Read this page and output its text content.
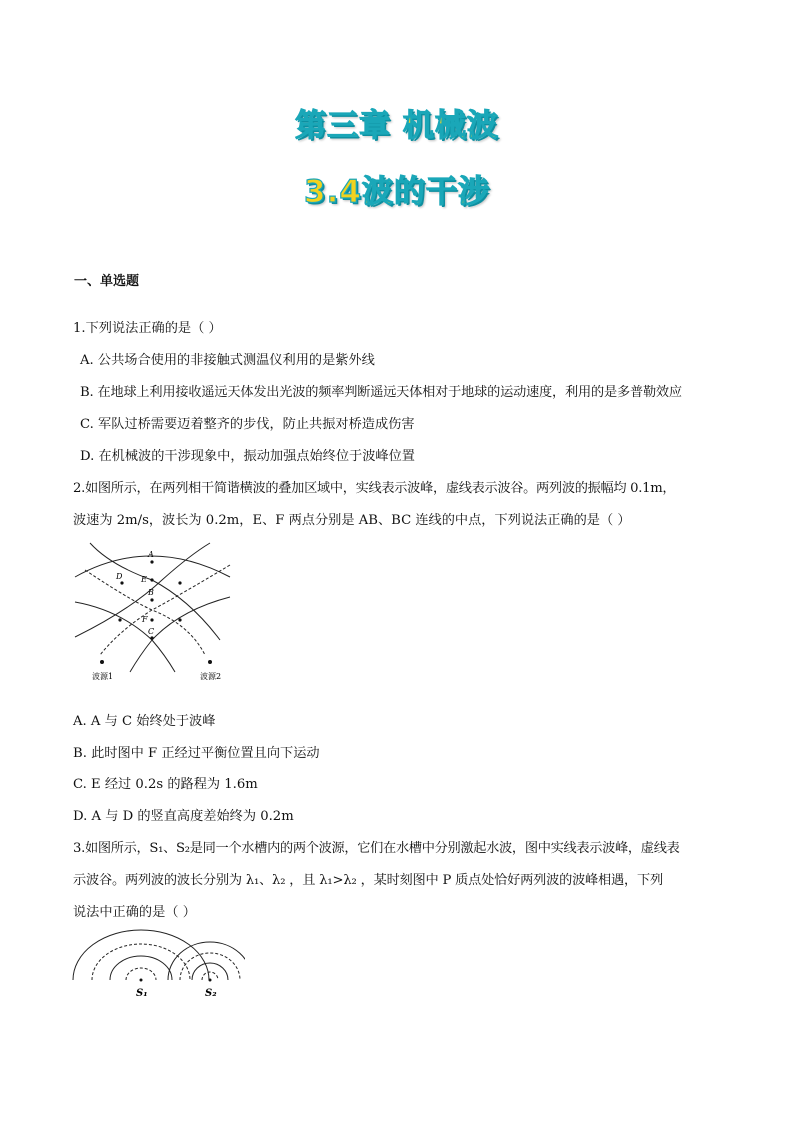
第三章 机械波
3.4波的干涉
一、单选题
1.下列说法正确的是（ ）
A. 公共场合使用的非接触式测温仪利用的是紫外线
B. 在地球上利用接收遥远天体发出光波的频率判断遥远天体相对于地球的运动速度，利用的是多普勒效应
C. 军队过桥需要迈着整齐的步伐，防止共振对桥造成伤害
D. 在机械波的干涉现象中，振动加强点始终位于波峰位置
2.如图所示，在两列相干简谐横波的叠加区域中，实线表示波峰，虚线表示波谷。两列波的振幅均 0.1m，
波速为 2m/s，波长为 0.2m，E、F 两点分别是 AB、BC 连线的中点，下列说法正确的是（ ）
A
D E
B
F
C
波源1	波源2
A. A 与 C 始终处于波峰
B. 此时图中 F 正经过平衡位置且向下运动
C. E 经过 0.2s 的路程为 1.6m
D. A 与 D 的竖直高度差始终为 0.2m
3.如图所示，S₁、S₂是同一个水槽内的两个波源，它们在水槽中分别激起水波，图中实线表示波峰，虚线表
示波谷。两列波的波长分别为 λ₁、λ₂ ，且 λ₁>λ₂ ，某时刻图中 P 质点处恰好两列波的波峰相遇，下列
说法中正确的是（ ）
S₁	S₂
